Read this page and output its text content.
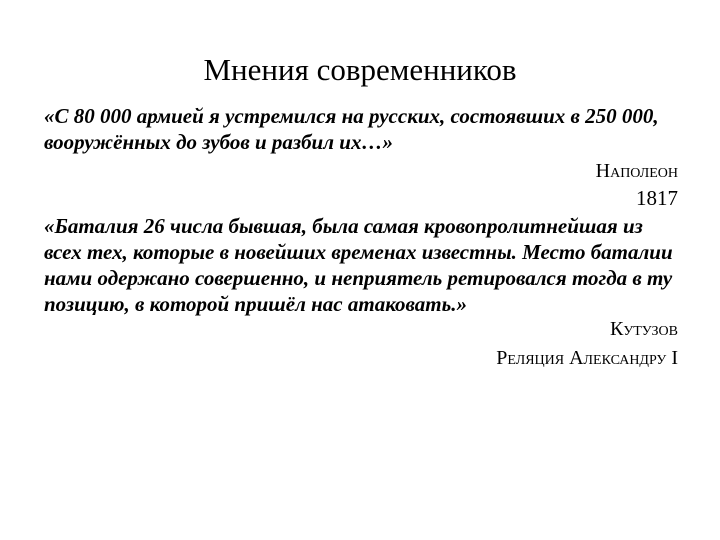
Мнения современников

«С 80 000 армией я устремился на русских, состоявших в 250 000, вооружённых до зубов и разбил их…»

Наполеон
1817

«Баталия 26 числа бывшая, была самая кровопролитнейшая из всех тех, которые в новейших временах известны. Место баталии нами одержано совершенно, и неприятель ретировался тогда в ту позицию, в которой пришёл нас атаковать.»

Кутузов
Реляция Александру I
